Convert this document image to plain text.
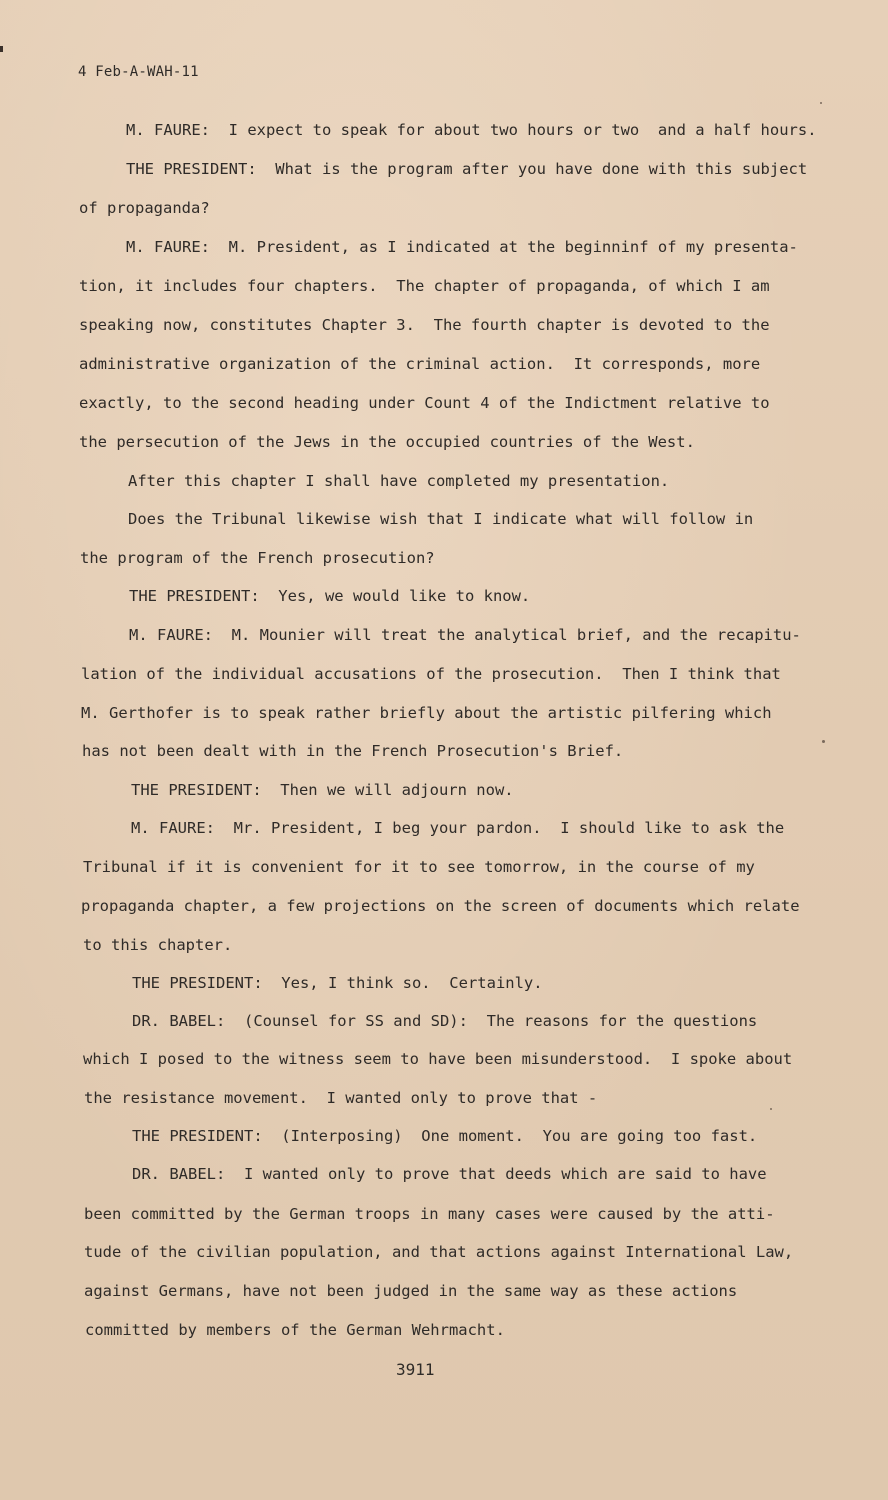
4 Feb-A-WAH-11
M. FAURE:  I expect to speak for about two hours or two  and a half hours.
THE PRESIDENT:  What is the program after you have done with this subject
of propaganda?
M. FAURE:  M. President, as I indicated at the beginninf of my presenta-
tion, it includes four chapters.  The chapter of propaganda, of which I am
speaking now, constitutes Chapter 3.  The fourth chapter is devoted to the
administrative organization of the criminal action.  It corresponds, more
exactly, to the second heading under Count 4 of the Indictment relative to
the persecution of the Jews in the occupied countries of the West.
After this chapter I shall have completed my presentation.
Does the Tribunal likewise wish that I indicate what will follow in
the program of the French prosecution?
THE PRESIDENT:  Yes, we would like to know.
M. FAURE:  M. Mounier will treat the analytical brief, and the recapitu-
lation of the individual accusations of the prosecution.  Then I think that
M. Gerthofer is to speak rather briefly about the artistic pilfering which
has not been dealt with in the French Prosecution's Brief.
THE PRESIDENT:  Then we will adjourn now.
M. FAURE:  Mr. President, I beg your pardon.  I should like to ask the
Tribunal if it is convenient for it to see tomorrow, in the course of my
propaganda chapter, a few projections on the screen of documents which relate
to this chapter.
THE PRESIDENT:  Yes, I think so.  Certainly.
DR. BABEL:  (Counsel for SS and SD):  The reasons for the questions
which I posed to the witness seem to have been misunderstood.  I spoke about
the resistance movement.  I wanted only to prove that -
THE PRESIDENT:  (Interposing)  One moment.  You are going too fast.
DR. BABEL:  I wanted only to prove that deeds which are said to have
been committed by the German troops in many cases were caused by the atti-
tude of the civilian population, and that actions against International Law,
against Germans, have not been judged in the same way as these actions
committed by members of the German Wehrmacht.
3911
